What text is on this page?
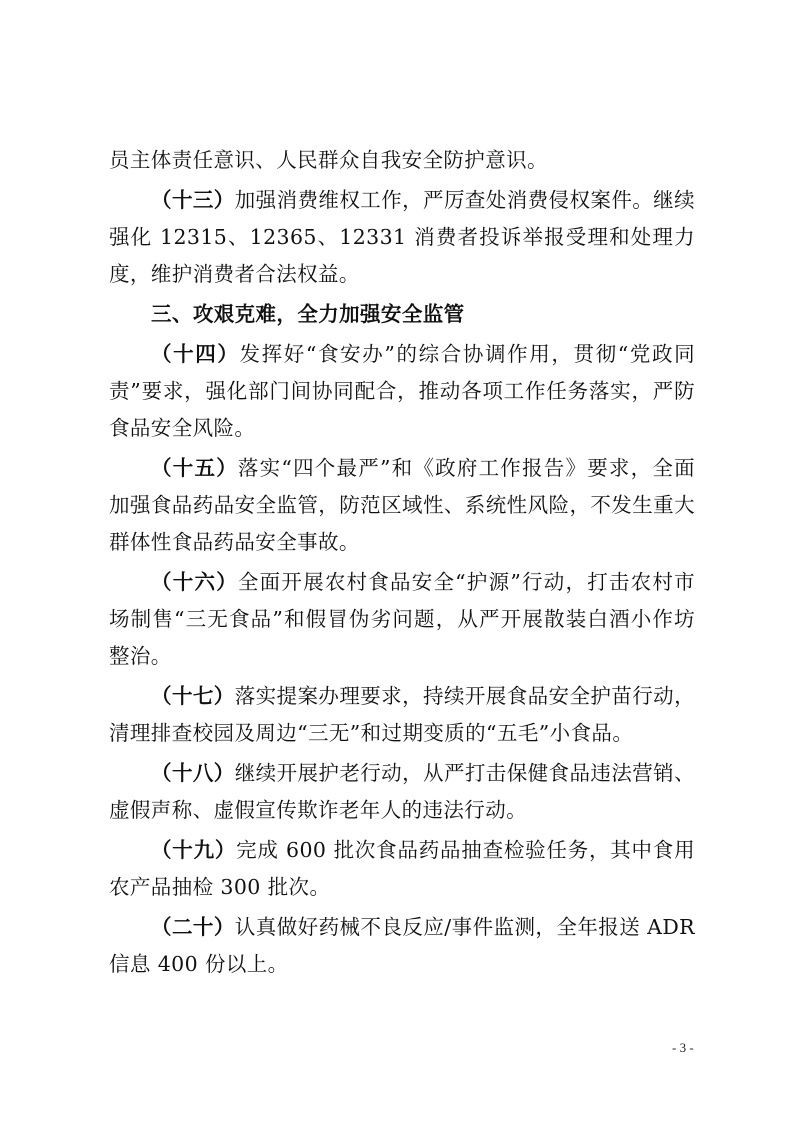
员主体责任意识、人民群众自我安全防护意识。

（十三）加强消费维权工作，严厉查处消费侵权案件。继续强化 12315、12365、12331 消费者投诉举报受理和处理力度，维护消费者合法权益。

三、攻艰克难，全力加强安全监管

（十四）发挥好“食安办”的综合协调作用，贯彻“党政同责”要求，强化部门间协同配合，推动各项工作任务落实，严防食品安全风险。

（十五）落实“四个最严”和《政府工作报告》要求，全面加强食品药品安全监管，防范区域性、系统性风险，不发生重大群体性食品药品安全事故。

（十六）全面开展农村食品安全“护源”行动，打击农村市场制售“三无食品”和假冒伪劣问题，从严开展散装白酒小作坊整治。

（十七）落实提案办理要求，持续开展食品安全护苗行动，清理排查校园及周边“三无”和过期变质的“五毛”小食品。

（十八）继续开展护老行动，从严打击保健食品违法营销、虚假声称、虚假宣传欺诈老年人的违法行动。

（十九）完成 600 批次食品药品抽查检验任务，其中食用农产品抽检 300 批次。

（二十）认真做好药械不良反应/事件监测，全年报送 ADR 信息 400 份以上。

- 3 -
